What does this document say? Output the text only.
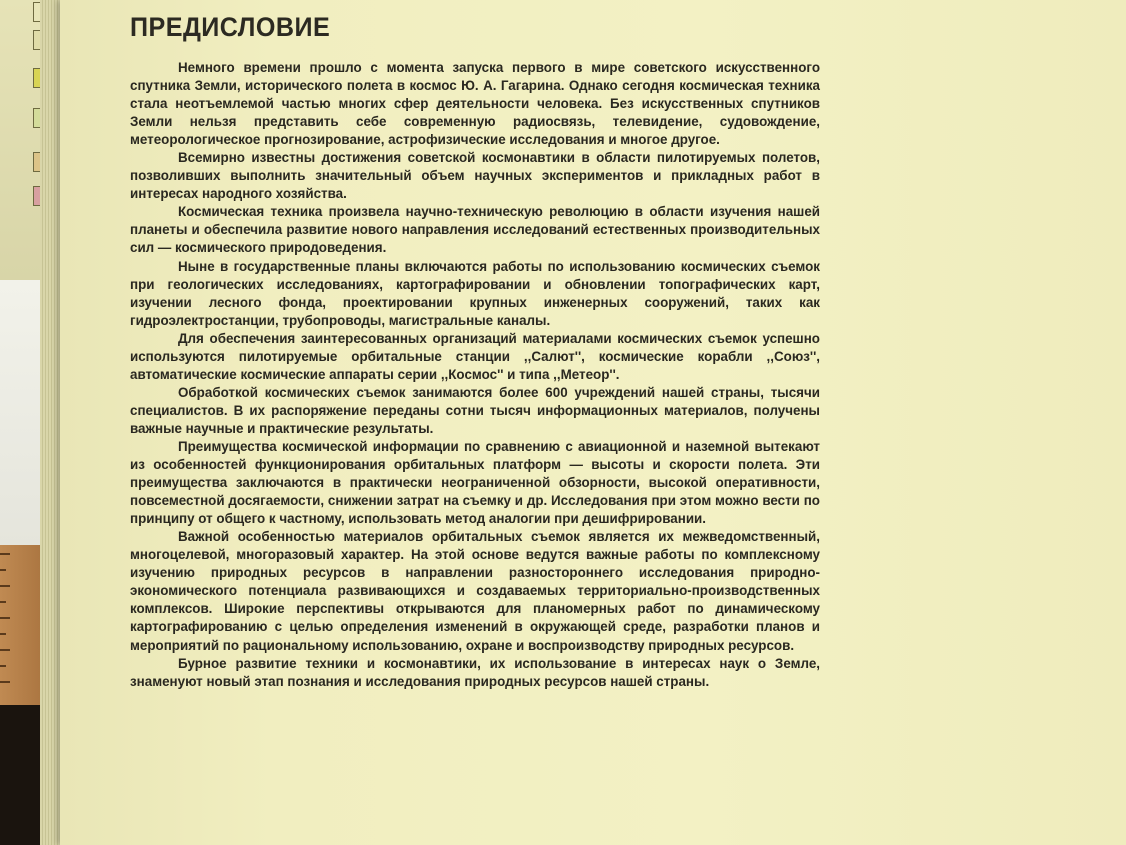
ПРЕДИСЛОВИЕ

Немного времени прошло с момента запуска первого в мире советского искусственного спутника Земли, исторического полета в космос Ю. А. Гагарина. Однако сегодня космическая техника стала неотъемлемой частью многих сфер деятельности человека. Без искусственных спутников Земли нельзя представить себе современную радиосвязь, телевидение, судовождение, метеорологическое прогнозирование, астрофизические исследования и многое другое.

Всемирно известны достижения советской космонавтики в области пилотируемых полетов, позволивших выполнить значительный объем научных экспериментов и прикладных работ в интересах народного хозяйства.

Космическая техника произвела научно-техническую революцию в области изучения нашей планеты и обеспечила развитие нового направления исследований естественных производительных сил — космического природоведения.

Ныне в государственные планы включаются работы по использованию космических съемок при геологических исследованиях, картографировании и обновлении топографических карт, изучении лесного фонда, проектировании крупных инженерных сооружений, таких как гидроэлектростанции, трубопроводы, магистральные каналы.

Для обеспечения заинтересованных организаций материалами космических съемок успешно используются пилотируемые орбитальные станции ,,Салют'', космические корабли ,,Союз'', автоматические космические аппараты серии ,,Космос'' и типа ,,Метеор''.

Обработкой космических съемок занимаются более 600 учреждений нашей страны, тысячи специалистов. В их распоряжение переданы сотни тысяч информационных материалов, получены важные научные и практические результаты.

Преимущества космической информации по сравнению с авиационной и наземной вытекают из особенностей функционирования орбитальных платформ — высоты и скорости полета. Эти преимущества заключаются в практически неограниченной обзорности, высокой оперативности, повсеместной досягаемости, снижении затрат на съемку и др. Исследования при этом можно вести по принципу от общего к частному, использовать метод аналогии при дешифрировании.

Важной особенностью материалов орбитальных съемок является их межведомственный, многоцелевой, многоразовый характер. На этой основе ведутся важные работы по комплексному изучению природных ресурсов в направлении разностороннего исследования природно-экономического потенциала развивающихся и создаваемых территориально-производственных комплексов. Широкие перспективы открываются для планомерных работ по динамическому картографированию с целью определения изменений в окружающей среде, разработки планов и мероприятий по рациональному использованию, охране и воспроизводству природных ресурсов.

Бурное развитие техники и космонавтики, их использование в интересах наук о Земле, знаменуют новый этап познания и исследования природных ресурсов нашей страны.
